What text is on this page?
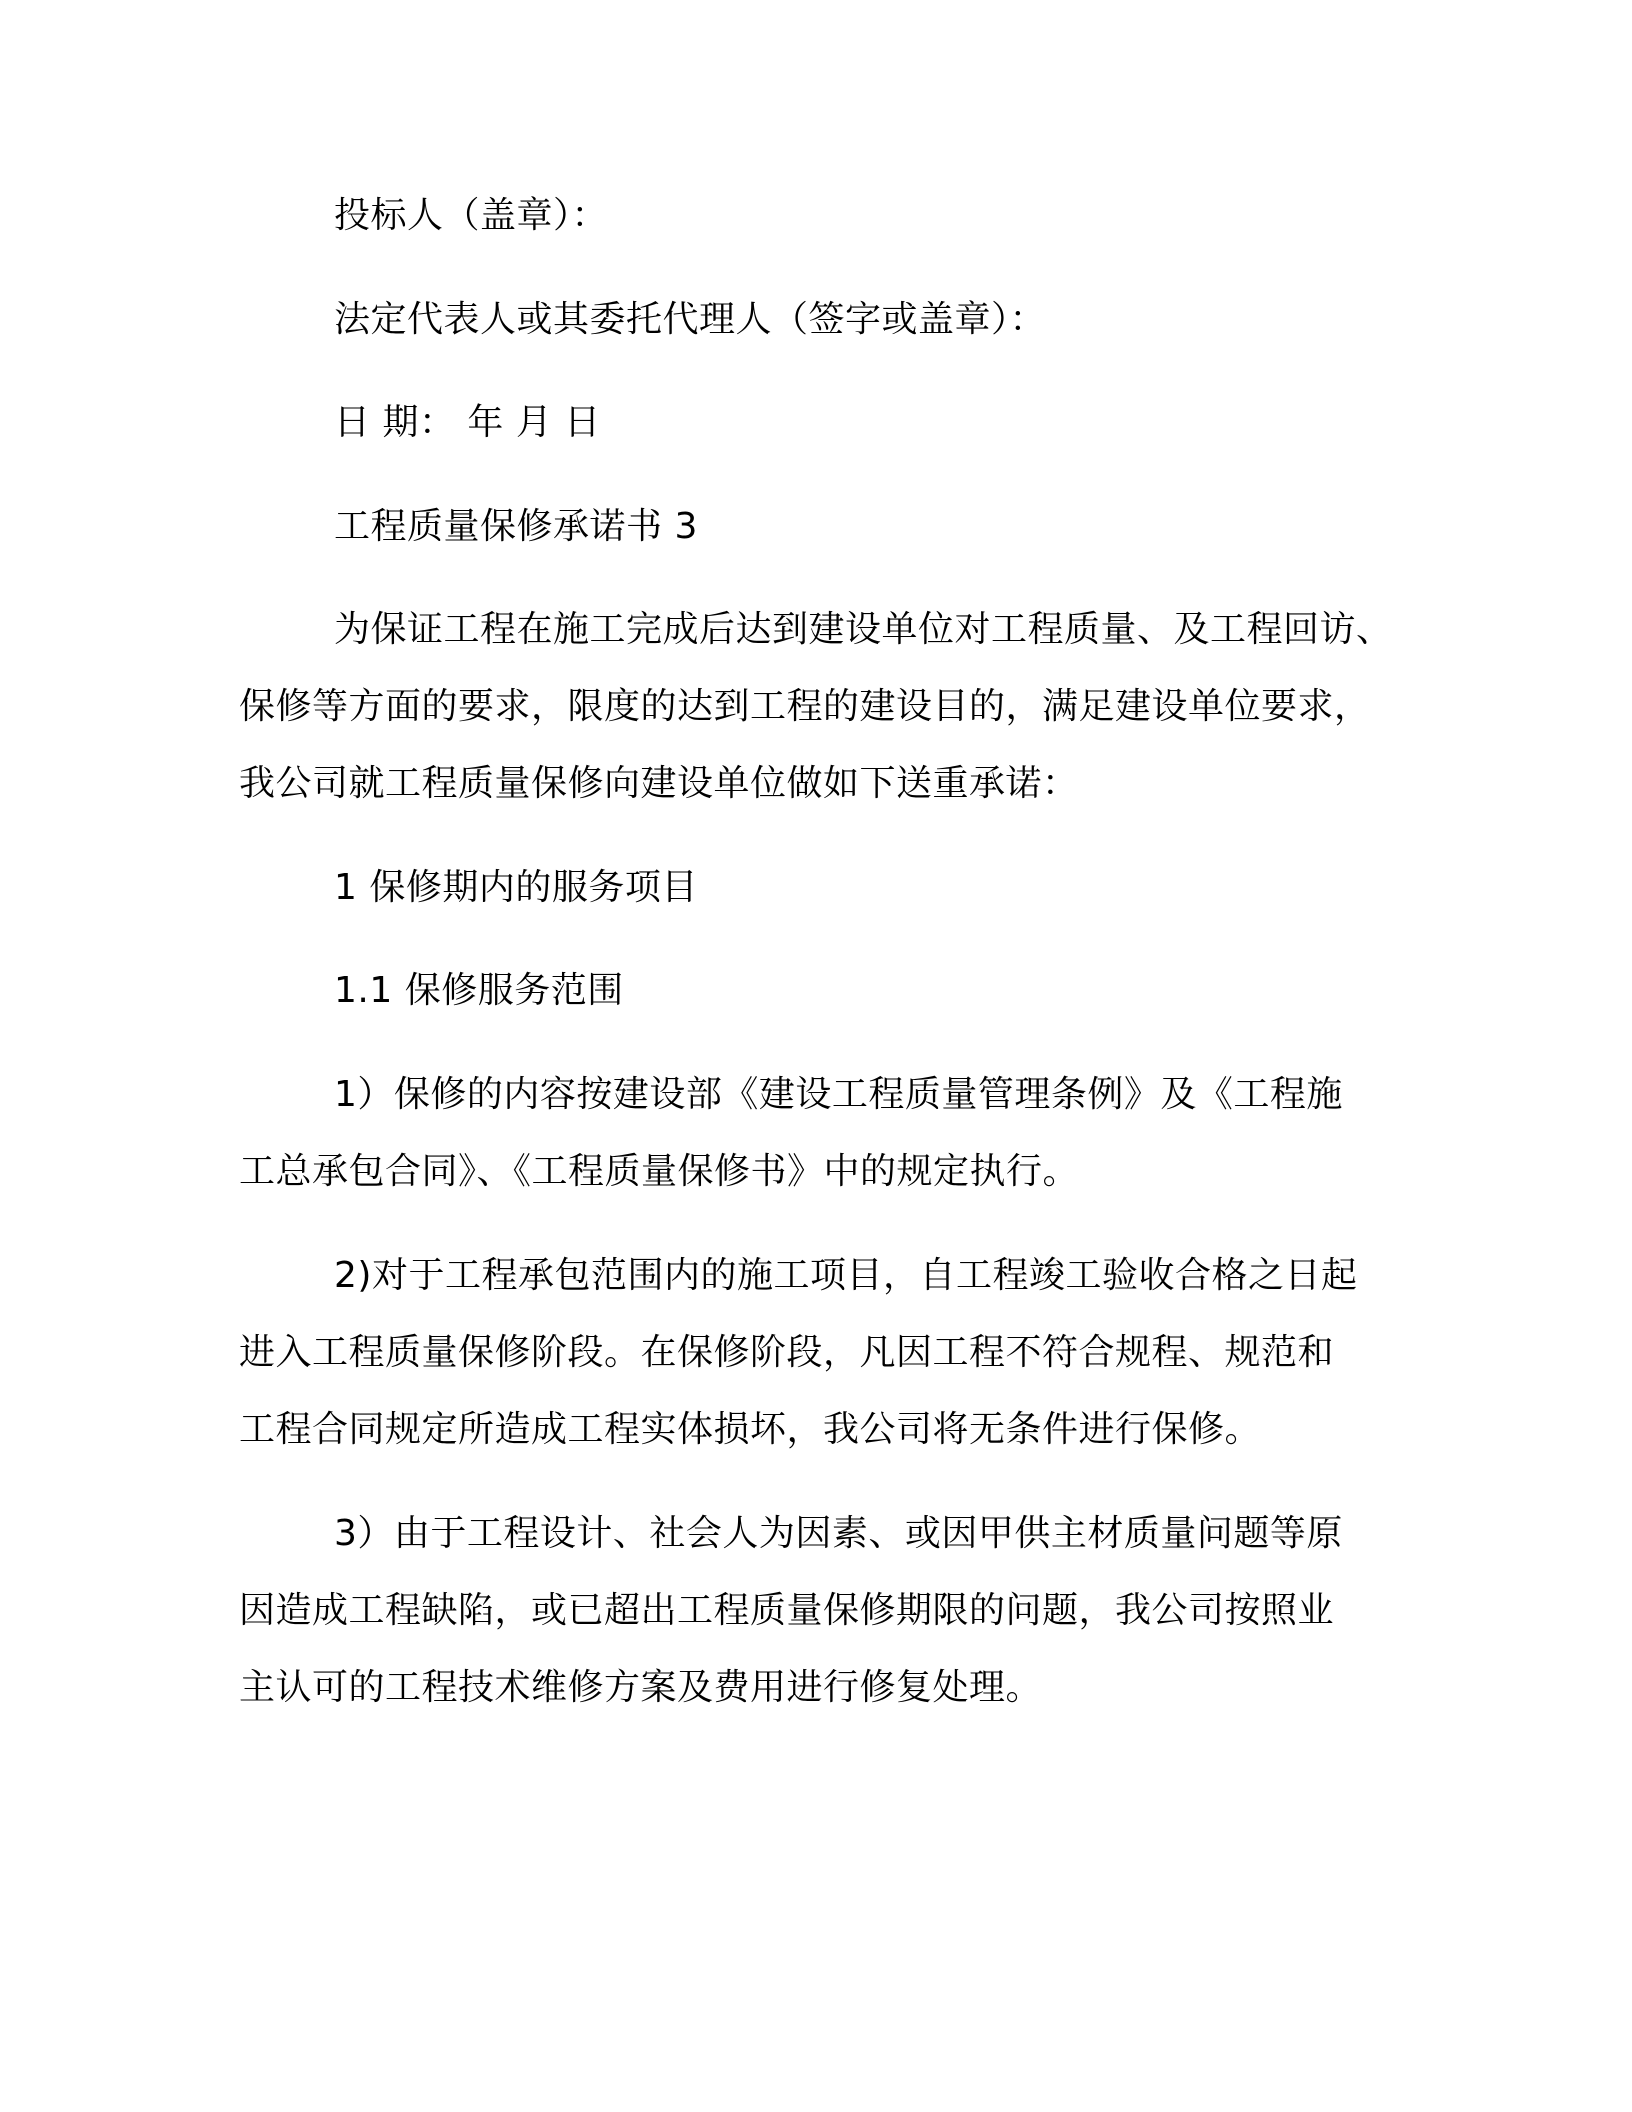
投标人（盖章）：
法定代表人或其委托代理人（签字或盖章）：
日 期： 年 月 日
工程质量保修承诺书 3
为保证工程在施工完成后达到建设单位对工程质量、及工程回访、
保修等方面的要求，限度的达到工程的建设目的，满足建设单位要求，
我公司就工程质量保修向建设单位做如下送重承诺：
1 保修期内的服务项目
1.1 保修服务范围
1）保修的内容按建设部《建设工程质量管理条例》及《工程施
工总承包合同》、《工程质量保修书》中的规定执行。
2)对于工程承包范围内的施工项目，自工程竣工验收合格之日起
进入工程质量保修阶段。在保修阶段，凡因工程不符合规程、规范和
工程合同规定所造成工程实体损坏，我公司将无条件进行保修。
3）由于工程设计、社会人为因素、或因甲供主材质量问题等原
因造成工程缺陷，或已超出工程质量保修期限的问题，我公司按照业
主认可的工程技术维修方案及费用进行修复处理。
